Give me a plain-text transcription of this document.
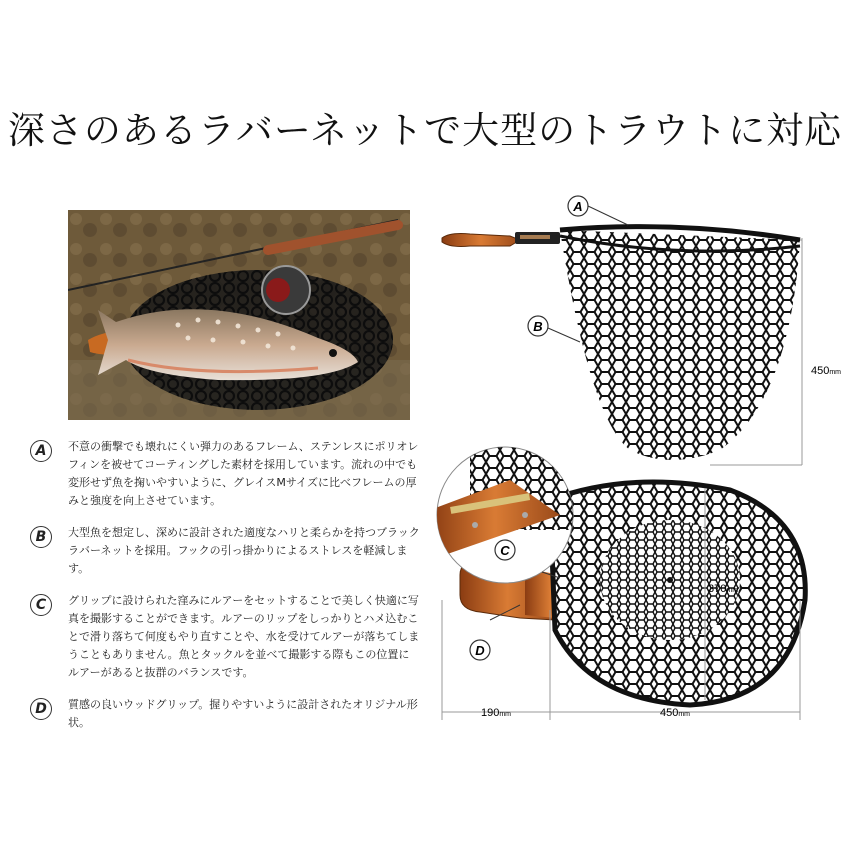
深さのあるラバーネットで大型のトラウトに対応
A	不意の衝撃でも壊れにくい弾力のあるフレーム、ステンレスにポリオレフィンを被せてコーティングした素材を採用しています。流れの中でも変形せず魚を掬いやすいように、グレイスMサイズに比べフレームの厚みと強度を向上させています。
B	大型魚を想定し、深めに設計された適度なハリと柔らかを持つブラックラバーネットを採用。フックの引っ掛かりによるストレスを軽減します。
C	グリップに設けられた窪みにルアーをセットすることで美しく快適に写真を撮影することができます。ルアーのリップをしっかりとハメ込むことで滑り落ちて何度もやり直すことや、水を受けてルアーが落ちてしまうこともありません。魚とタックルを並べて撮影する際もこの位置にルアーがあると抜群のバランスです。
D	質感の良いウッドグリップ。握りやすいように設計されたオリジナル形状。
A
B
450mm
C
D
370mm
190mm	450mm
